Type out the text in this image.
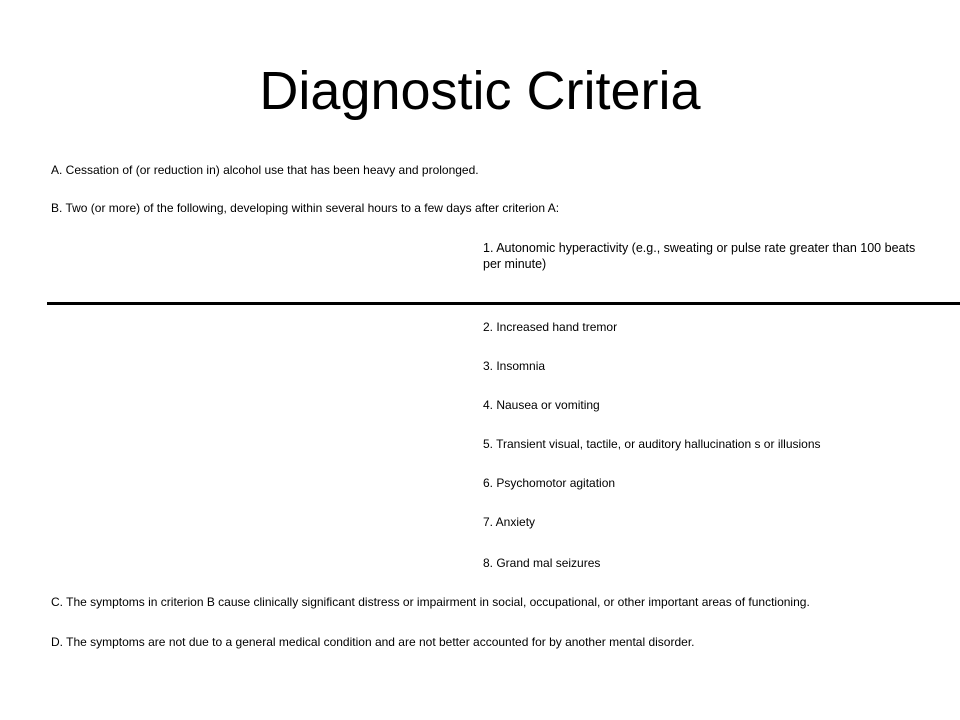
Diagnostic Criteria

A. Cessation of (or reduction in) alcohol use that has been heavy and prolonged.

B. Two (or more) of the following, developing within several hours to a few days after criterion A:

1. Autonomic hyperactivity (e.g., sweating or pulse rate greater than 100 beats per minute)

2. Increased hand tremor

3. Insomnia

4. Nausea or vomiting

5. Transient visual, tactile, or auditory hallucination s or illusions

6. Psychomotor agitation

7. Anxiety

8. Grand mal seizures

C. The symptoms in criterion B cause clinically significant distress or impairment in social, occupational, or other important areas of functioning.

D. The symptoms are not due to a general medical condition and are not better accounted for by another mental disorder.
